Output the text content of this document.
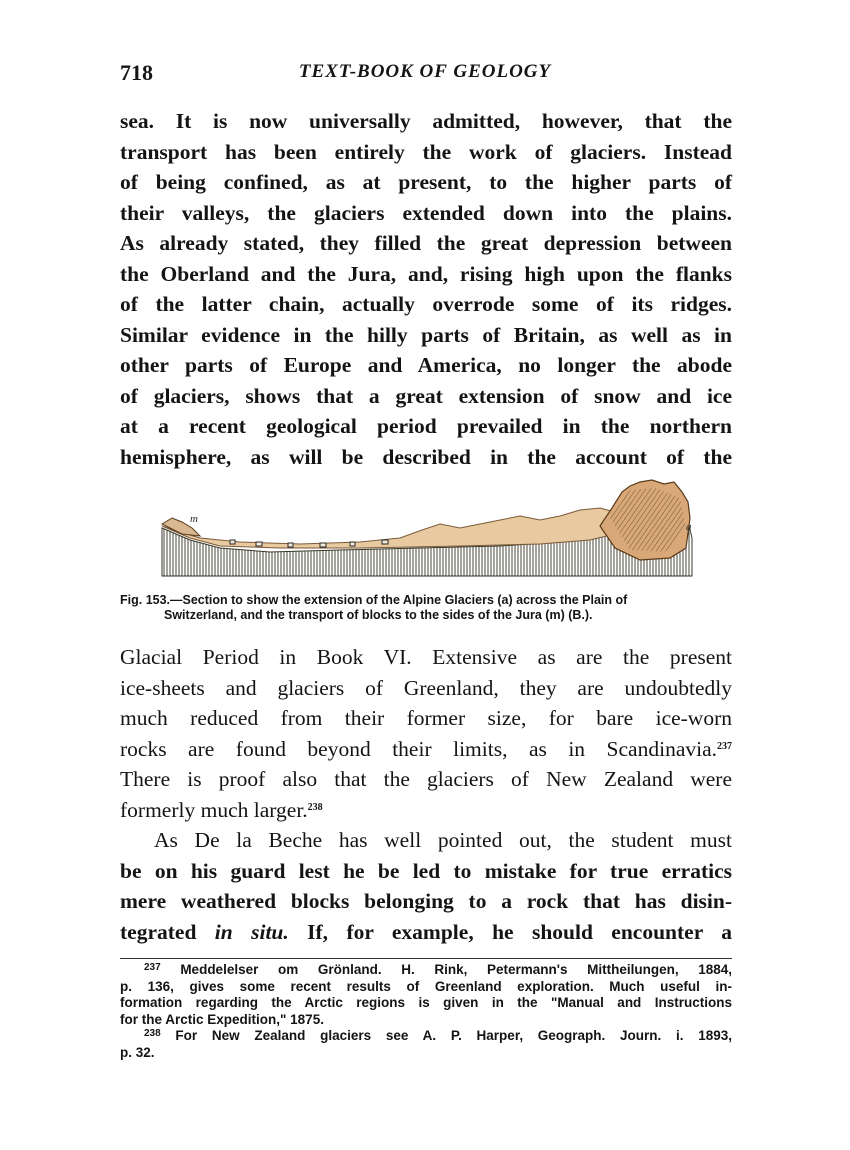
718	TEXT-BOOK OF GEOLOGY
sea. It is now universally admitted, however, that the
transport has been entirely the work of glaciers. Instead
of being confined, as at present, to the higher parts of
their valleys, the glaciers extended down into the plains.
As already stated, they filled the great depression between
the Oberland and the Jura, and, rising high upon the flanks
of the latter chain, actually overrode some of its ridges.
Similar evidence in the hilly parts of Britain, as well as in
other parts of Europe and America, no longer the abode
of glaciers, shows that a great extension of snow and ice
at a recent geological period prevailed in the northern
hemisphere, as will be described in the account of the
m
a
Fig. 153.—Section to show the extension of the Alpine Glaciers (a) across the Plain of
Switzerland, and the transport of blocks to the sides of the Jura (m) (B.).
Glacial Period in Book VI. Extensive as are the present
ice-sheets and glaciers of Greenland, they are undoubtedly
much reduced from their former size, for bare ice-worn
rocks are found beyond their limits, as in Scandinavia.$^{237}$
There is proof also that the glaciers of New Zealand were
formerly much larger.$^{238}$
As De la Beche has well pointed out, the student must
be on his guard lest he be led to mistake for true erratics
mere weathered blocks belonging to a rock that has disin-
tegrated in situ. If, for example, he should encounter a
$^{237}$ Meddelelser om Grönland. H. Rink, Petermann's Mittheilungen, 1884,
p. 136, gives some recent results of Greenland exploration. Much useful in-
formation regarding the Arctic regions is given in the "Manual and Instructions
for the Arctic Expedition," 1875.
$^{238}$ For New Zealand glaciers see A. P. Harper, Geograph. Journ. i. 1893,
p. 32.
